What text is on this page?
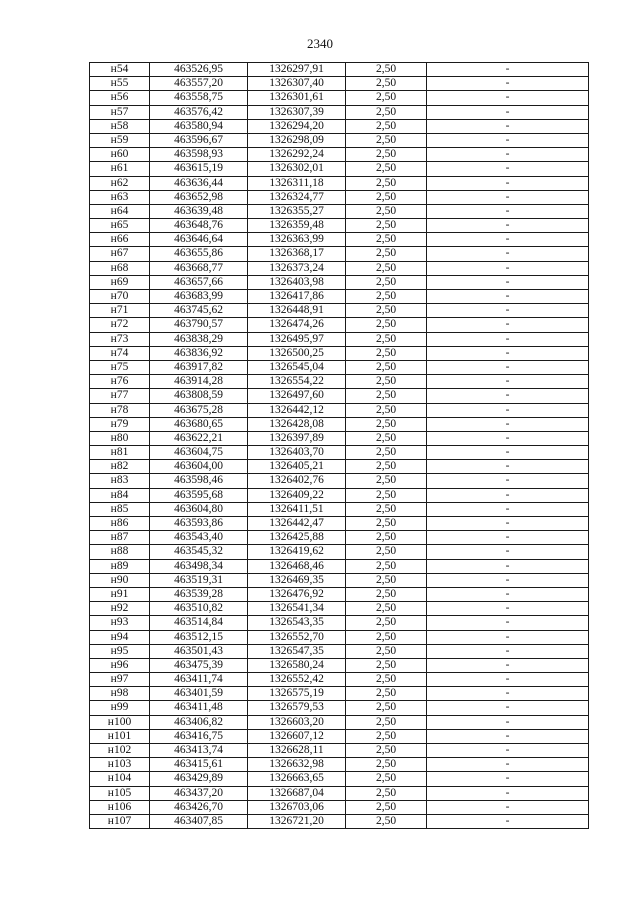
2340
н54	463526,95	1326297,91	2,50	-
н55	463557,20	1326307,40	2,50	-
н56	463558,75	1326301,61	2,50	-
н57	463576,42	1326307,39	2,50	-
н58	463580,94	1326294,20	2,50	-
н59	463596,67	1326298,09	2,50	-
н60	463598,93	1326292,24	2,50	-
н61	463615,19	1326302,01	2,50	-
н62	463636,44	1326311,18	2,50	-
н63	463652,98	1326324,77	2,50	-
н64	463639,48	1326355,27	2,50	-
н65	463648,76	1326359,48	2,50	-
н66	463646,64	1326363,99	2,50	-
н67	463655,86	1326368,17	2,50	-
н68	463668,77	1326373,24	2,50	-
н69	463657,66	1326403,98	2,50	-
н70	463683,99	1326417,86	2,50	-
н71	463745,62	1326448,91	2,50	-
н72	463790,57	1326474,26	2,50	-
н73	463838,29	1326495,97	2,50	-
н74	463836,92	1326500,25	2,50	-
н75	463917,82	1326545,04	2,50	-
н76	463914,28	1326554,22	2,50	-
н77	463808,59	1326497,60	2,50	-
н78	463675,28	1326442,12	2,50	-
н79	463680,65	1326428,08	2,50	-
н80	463622,21	1326397,89	2,50	-
н81	463604,75	1326403,70	2,50	-
н82	463604,00	1326405,21	2,50	-
н83	463598,46	1326402,76	2,50	-
н84	463595,68	1326409,22	2,50	-
н85	463604,80	1326411,51	2,50	-
н86	463593,86	1326442,47	2,50	-
н87	463543,40	1326425,88	2,50	-
н88	463545,32	1326419,62	2,50	-
н89	463498,34	1326468,46	2,50	-
н90	463519,31	1326469,35	2,50	-
н91	463539,28	1326476,92	2,50	-
н92	463510,82	1326541,34	2,50	-
н93	463514,84	1326543,35	2,50	-
н94	463512,15	1326552,70	2,50	-
н95	463501,43	1326547,35	2,50	-
н96	463475,39	1326580,24	2,50	-
н97	463411,74	1326552,42	2,50	-
н98	463401,59	1326575,19	2,50	-
н99	463411,48	1326579,53	2,50	-
н100	463406,82	1326603,20	2,50	-
н101	463416,75	1326607,12	2,50	-
н102	463413,74	1326628,11	2,50	-
н103	463415,61	1326632,98	2,50	-
н104	463429,89	1326663,65	2,50	-
н105	463437,20	1326687,04	2,50	-
н106	463426,70	1326703,06	2,50	-
н107	463407,85	1326721,20	2,50	-
